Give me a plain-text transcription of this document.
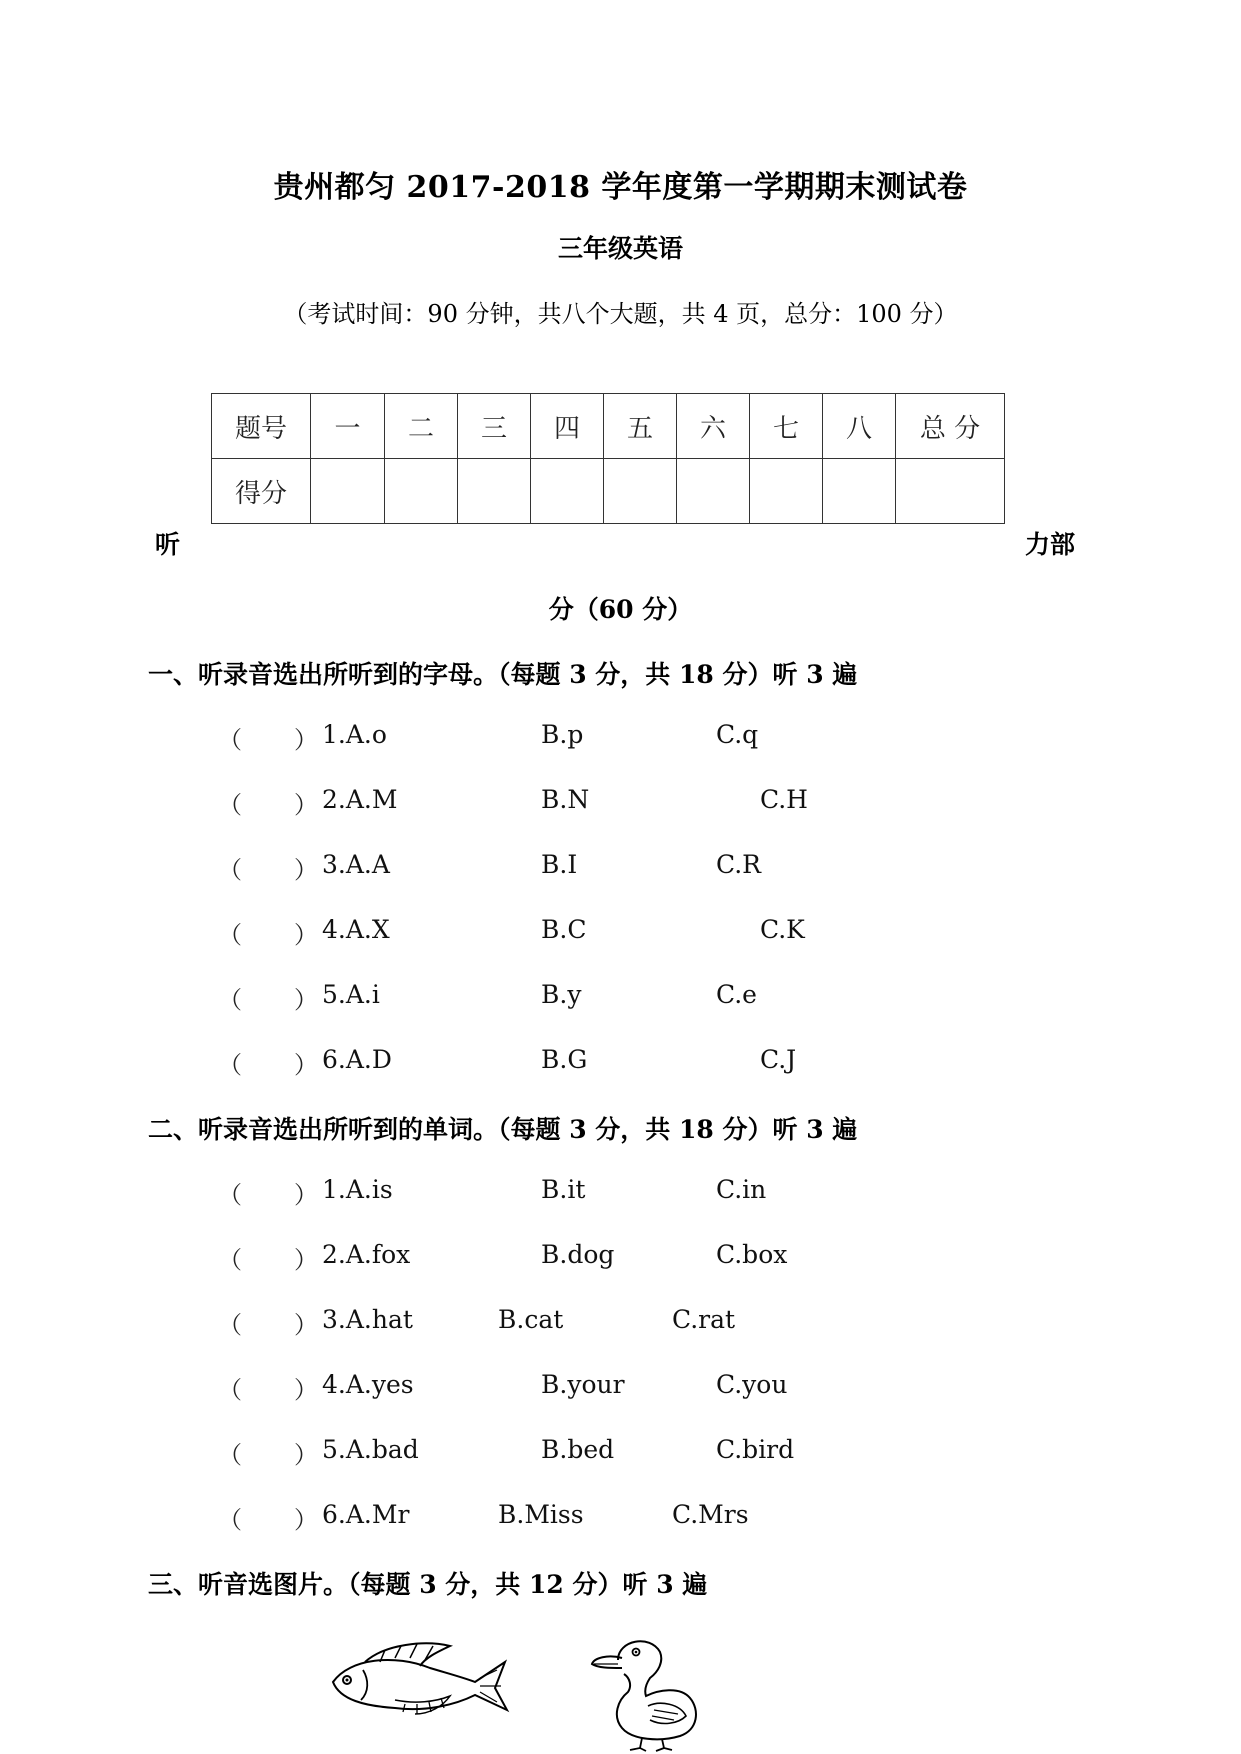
贵州都匀 2017-2018 学年度第一学期期末测试卷
三年级英语
（考试时间：90 分钟，共八个大题，共 4 页，总分：100 分）
题号	一	二	三	四	五	六	七	八	总 分
得分									
听	力部
分（60 分）
一、听录音选出所听到的字母。（每题 3 分，共 18 分）听 3 遍
（ ） 1.A.o	B.p	C.q
（ ） 2.A.M	B.N	C.H
（ ） 3.A.A	B.I	C.R
（ ） 4.A.X	B.C	C.K
（ ） 5.A.i	B.y	C.e
（ ） 6.A.D	B.G	C.J
二、听录音选出所听到的单词。（每题 3 分，共 18 分）听 3 遍
（ ） 1.A.is	B.it	C.in
（ ） 2.A.fox	B.dog	C.box
（ ） 3.A.hat	B.cat	C.rat
（ ） 4.A.yes	B.your	C.you
（ ） 5.A.bad	B.bed	C.bird
（ ） 6.A.Mr	B.Miss	C.Mrs
三、听音选图片。（每题 3 分，共 12 分）听 3 遍
